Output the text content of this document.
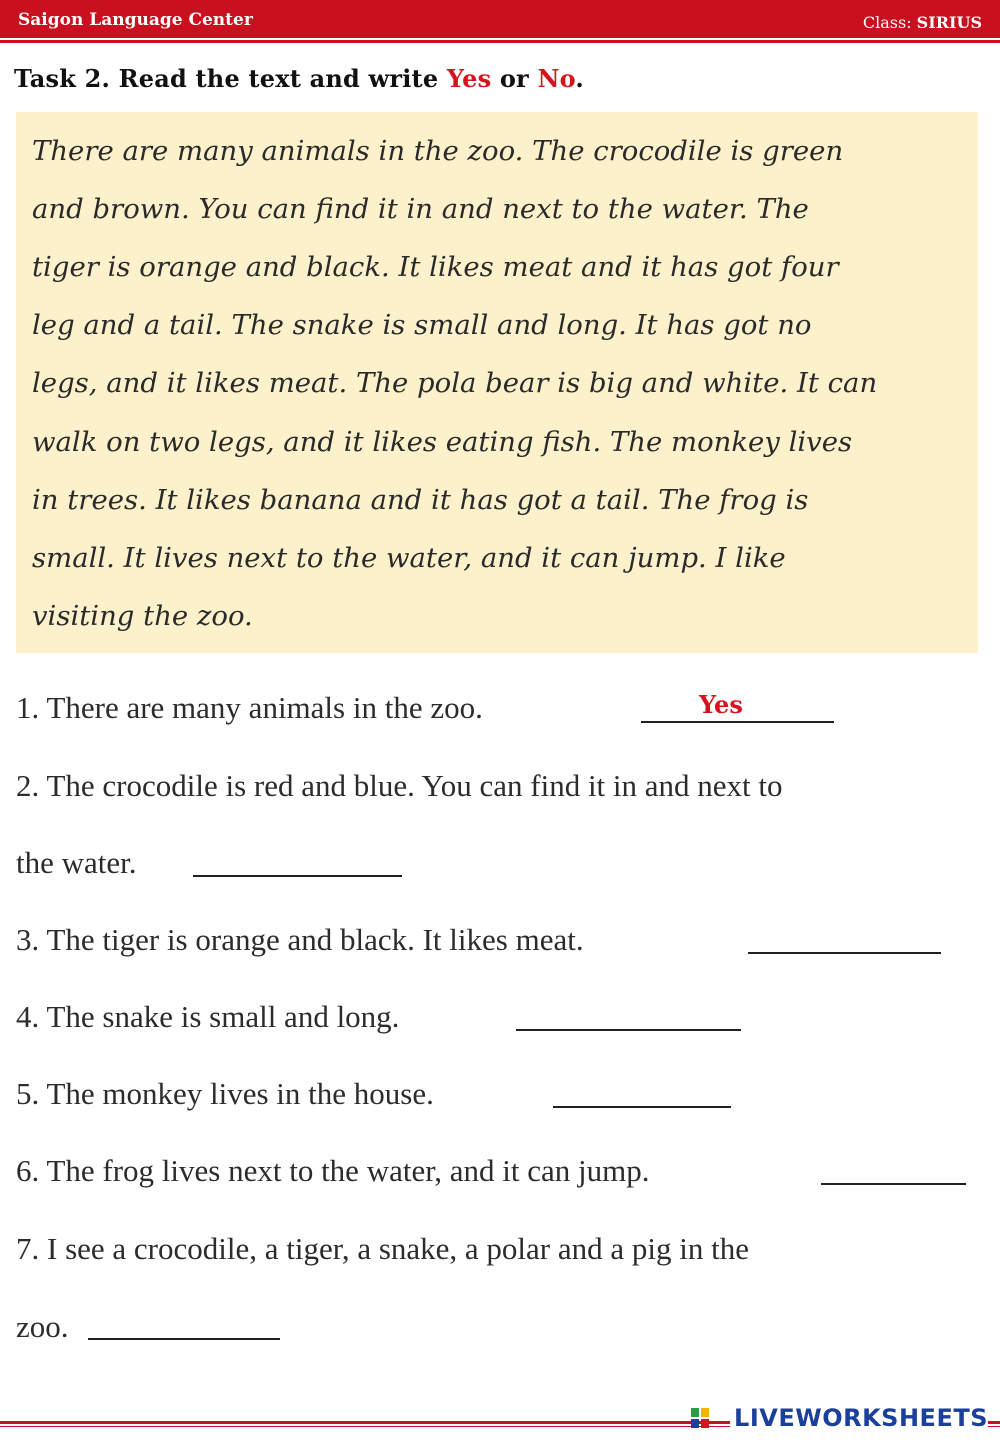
Saigon Language Center	Class: SIRIUS
Task 2. Read the text and write Yes or No.
There are many animals in the zoo. The crocodile is green
and brown. You can find it in and next to the water. The
tiger is orange and black. It likes meat and it has got four
leg and a tail. The snake is small and long. It has got no
legs, and it likes meat. The pola bear is big and white. It can
walk on two legs, and it likes eating fish. The monkey lives
in trees. It likes banana and it has got a tail. The frog is
small. It lives next to the water, and it can jump. I like
visiting the zoo.
1. There are many animals in the zoo.	Yes
2. The crocodile is red and blue. You can find it in and next to
the water.
3. The tiger is orange and black. It likes meat.
4. The snake is small and long.
5. The monkey lives in the house.
6. The frog lives next to the water, and it can jump.
7. I see a crocodile, a tiger, a snake, a polar and a pig in the
zoo.
LIVEWORKSHEETS
